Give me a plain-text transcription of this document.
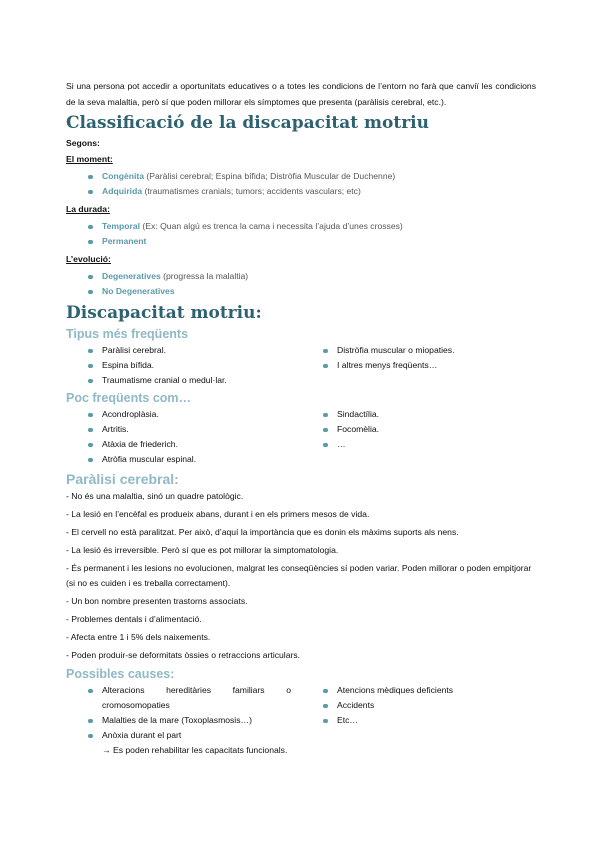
Si una persona pot accedir a oportunitats educatives o a totes les condicions de l’entorn no farà que canviï les condicions de la seva malaltia, però sí que poden millorar els símptomes que presenta (paràlisis cerebral, etc.).

Classificació de la discapacitat motriu

Segons:

El moment:

Congènita (Paràlisi cerebral; Espina bífida; Distròfia Muscular de Duchenne)
Adquirida (traumatismes cranials; tumors; accidents vasculars; etc)

La durada:

Temporal (Ex: Quan algú es trenca la cama i necessita l’ajuda d’unes crosses)
Permanent

L’evolució:

Degeneratives (progressa la malaltia)
No Degeneratives
Discapacitat motriu:
Tipus més freqüents
Paràlisi cerebral.
Espina bífida.
Traumatisme cranial o medul·lar.
Distròfia muscular o miopaties.
I altres menys freqüents…
Poc freqüents com…
Acondroplàsia.
Artritis.
Atàxia de friederich.
Atròfia muscular espinal.
Sindactília.
Focomèlia.
…
Paràlisi cerebral:

- No és una malaltia, sinó un quadre patològic.

- La lesió en l’encèfal es produeix abans, durant i en els primers mesos de vida.

- El cervell no està paralitzat. Per això, d’aquí la importància que es donin els màxims suports als nens.

- La lesió és irreversible. Però sí que es pot millorar la simptomatologia.

- És permanent i les lesions no evolucionen, malgrat les conseqüències sí poden variar. Poden millorar o poden empitjorar (si no es cuiden i es treballa correctament).

- Un bon nombre presenten trastorns associats.

- Problemes dentals i d’alimentació.

- Afecta entre 1 i 5% dels naixements.

- Poden produir-se deformitats òssies o retraccions articulars.

Possibles causes:
Alteracions hereditàries familiars o cromosomopaties
Malalties de la mare (Toxoplasmosis…)
Anòxia durant el part

→ Es poden rehabilitar les capacitats funcionals.

Atencions mèdiques deficients
Accidents
Etc…
